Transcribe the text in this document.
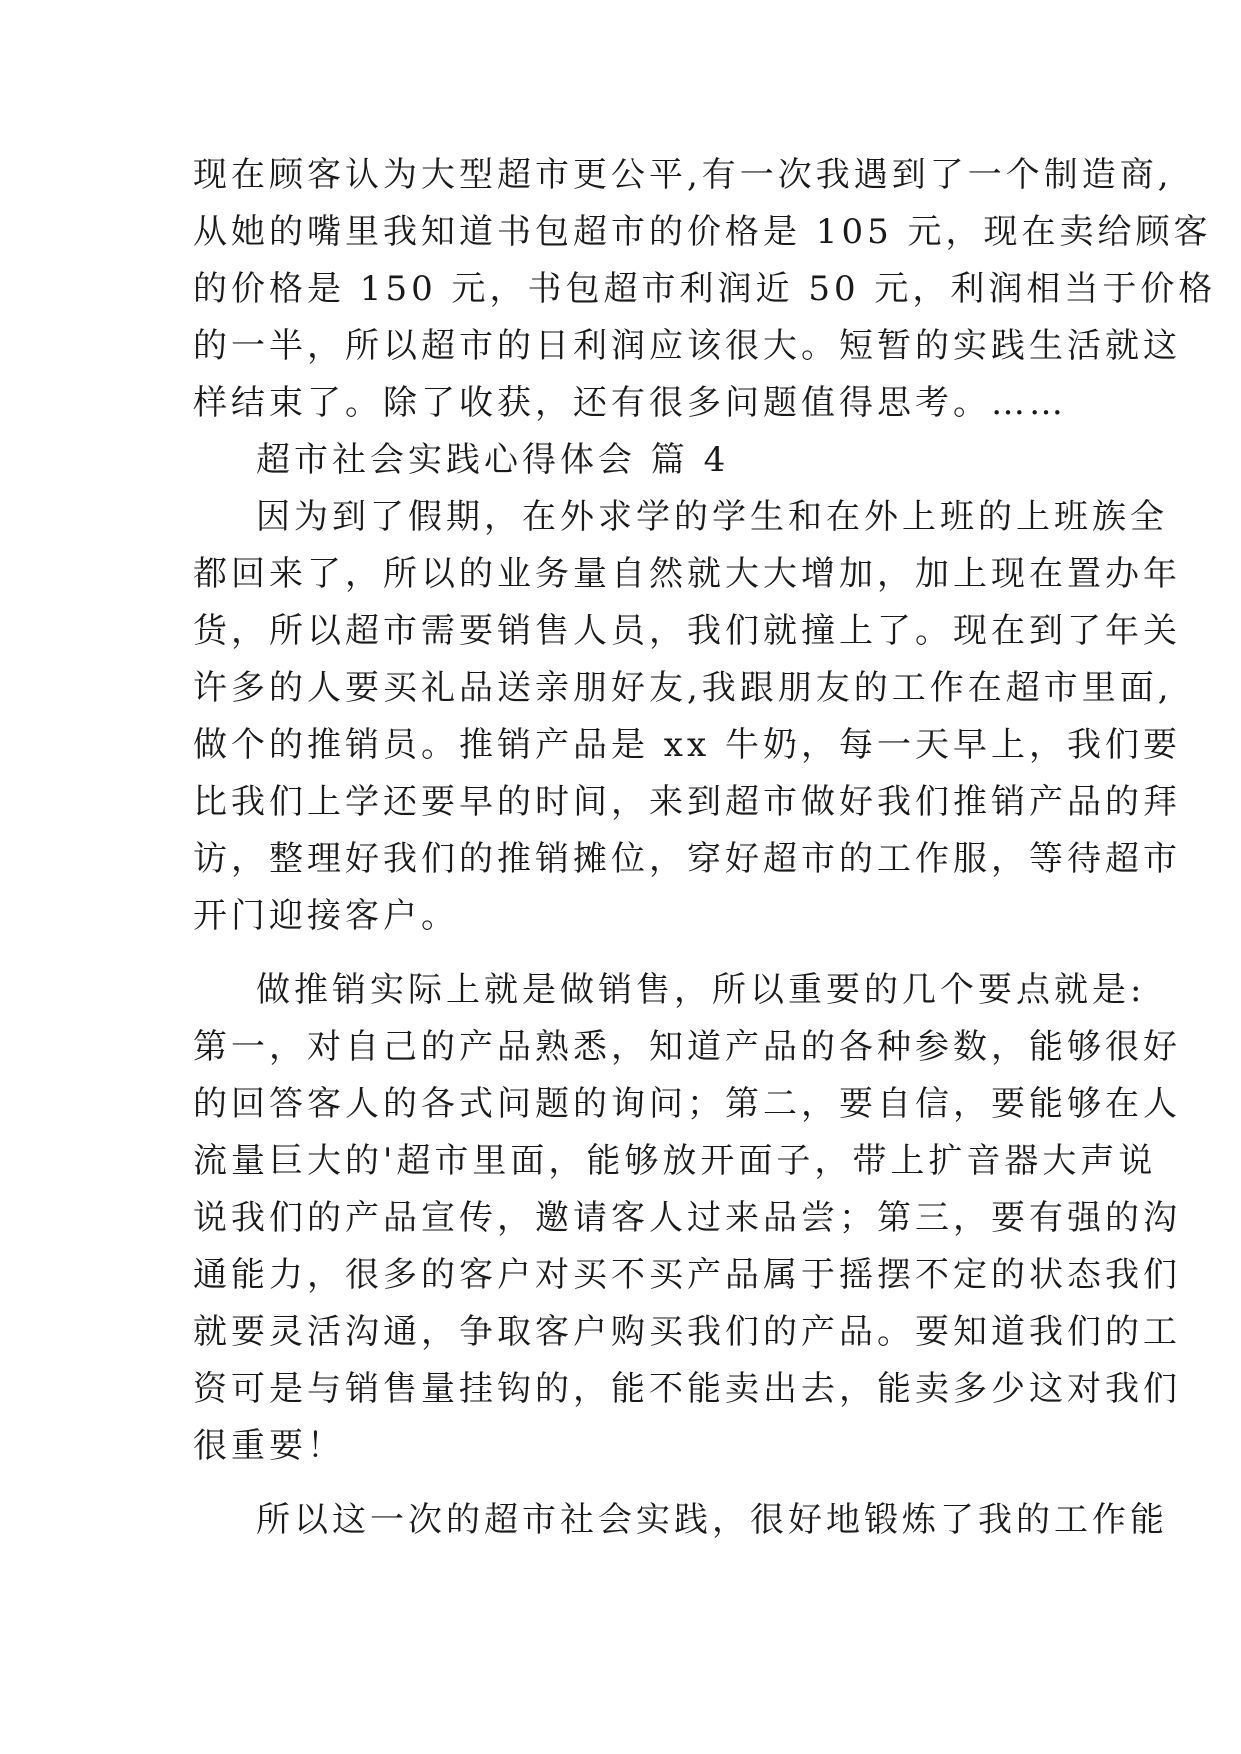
现在顾客认为大型超市更公平,有一次我遇到了一个制造商,
从她的嘴里我知道书包超市的价格是 105 元，现在卖给顾客
的价格是 150 元，书包超市利润近 50 元，利润相当于价格
的一半，所以超市的日利润应该很大。短暂的实践生活就这
样结束了。除了收获，还有很多问题值得思考。……
超市社会实践心得体会 篇 4
因为到了假期，在外求学的学生和在外上班的上班族全
都回来了，所以的业务量自然就大大增加，加上现在置办年
货，所以超市需要销售人员，我们就撞上了。现在到了年关
许多的人要买礼品送亲朋好友,我跟朋友的工作在超市里面,
做个的推销员。推销产品是 xx 牛奶，每一天早上，我们要
比我们上学还要早的时间，来到超市做好我们推销产品的拜
访，整理好我们的推销摊位，穿好超市的工作服，等待超市
开门迎接客户。
做推销实际上就是做销售，所以重要的几个要点就是:
第一，对自己的产品熟悉，知道产品的各种参数，能够很好
的回答客人的各式问题的询问；第二，要自信，要能够在人
流量巨大的'超市里面，能够放开面子，带上扩音器大声说
说我们的产品宣传，邀请客人过来品尝；第三，要有强的沟
通能力，很多的客户对买不买产品属于摇摆不定的状态我们
就要灵活沟通，争取客户购买我们的产品。要知道我们的工
资可是与销售量挂钩的，能不能卖出去，能卖多少这对我们
很重要！
所以这一次的超市社会实践，很好地锻炼了我的工作能
